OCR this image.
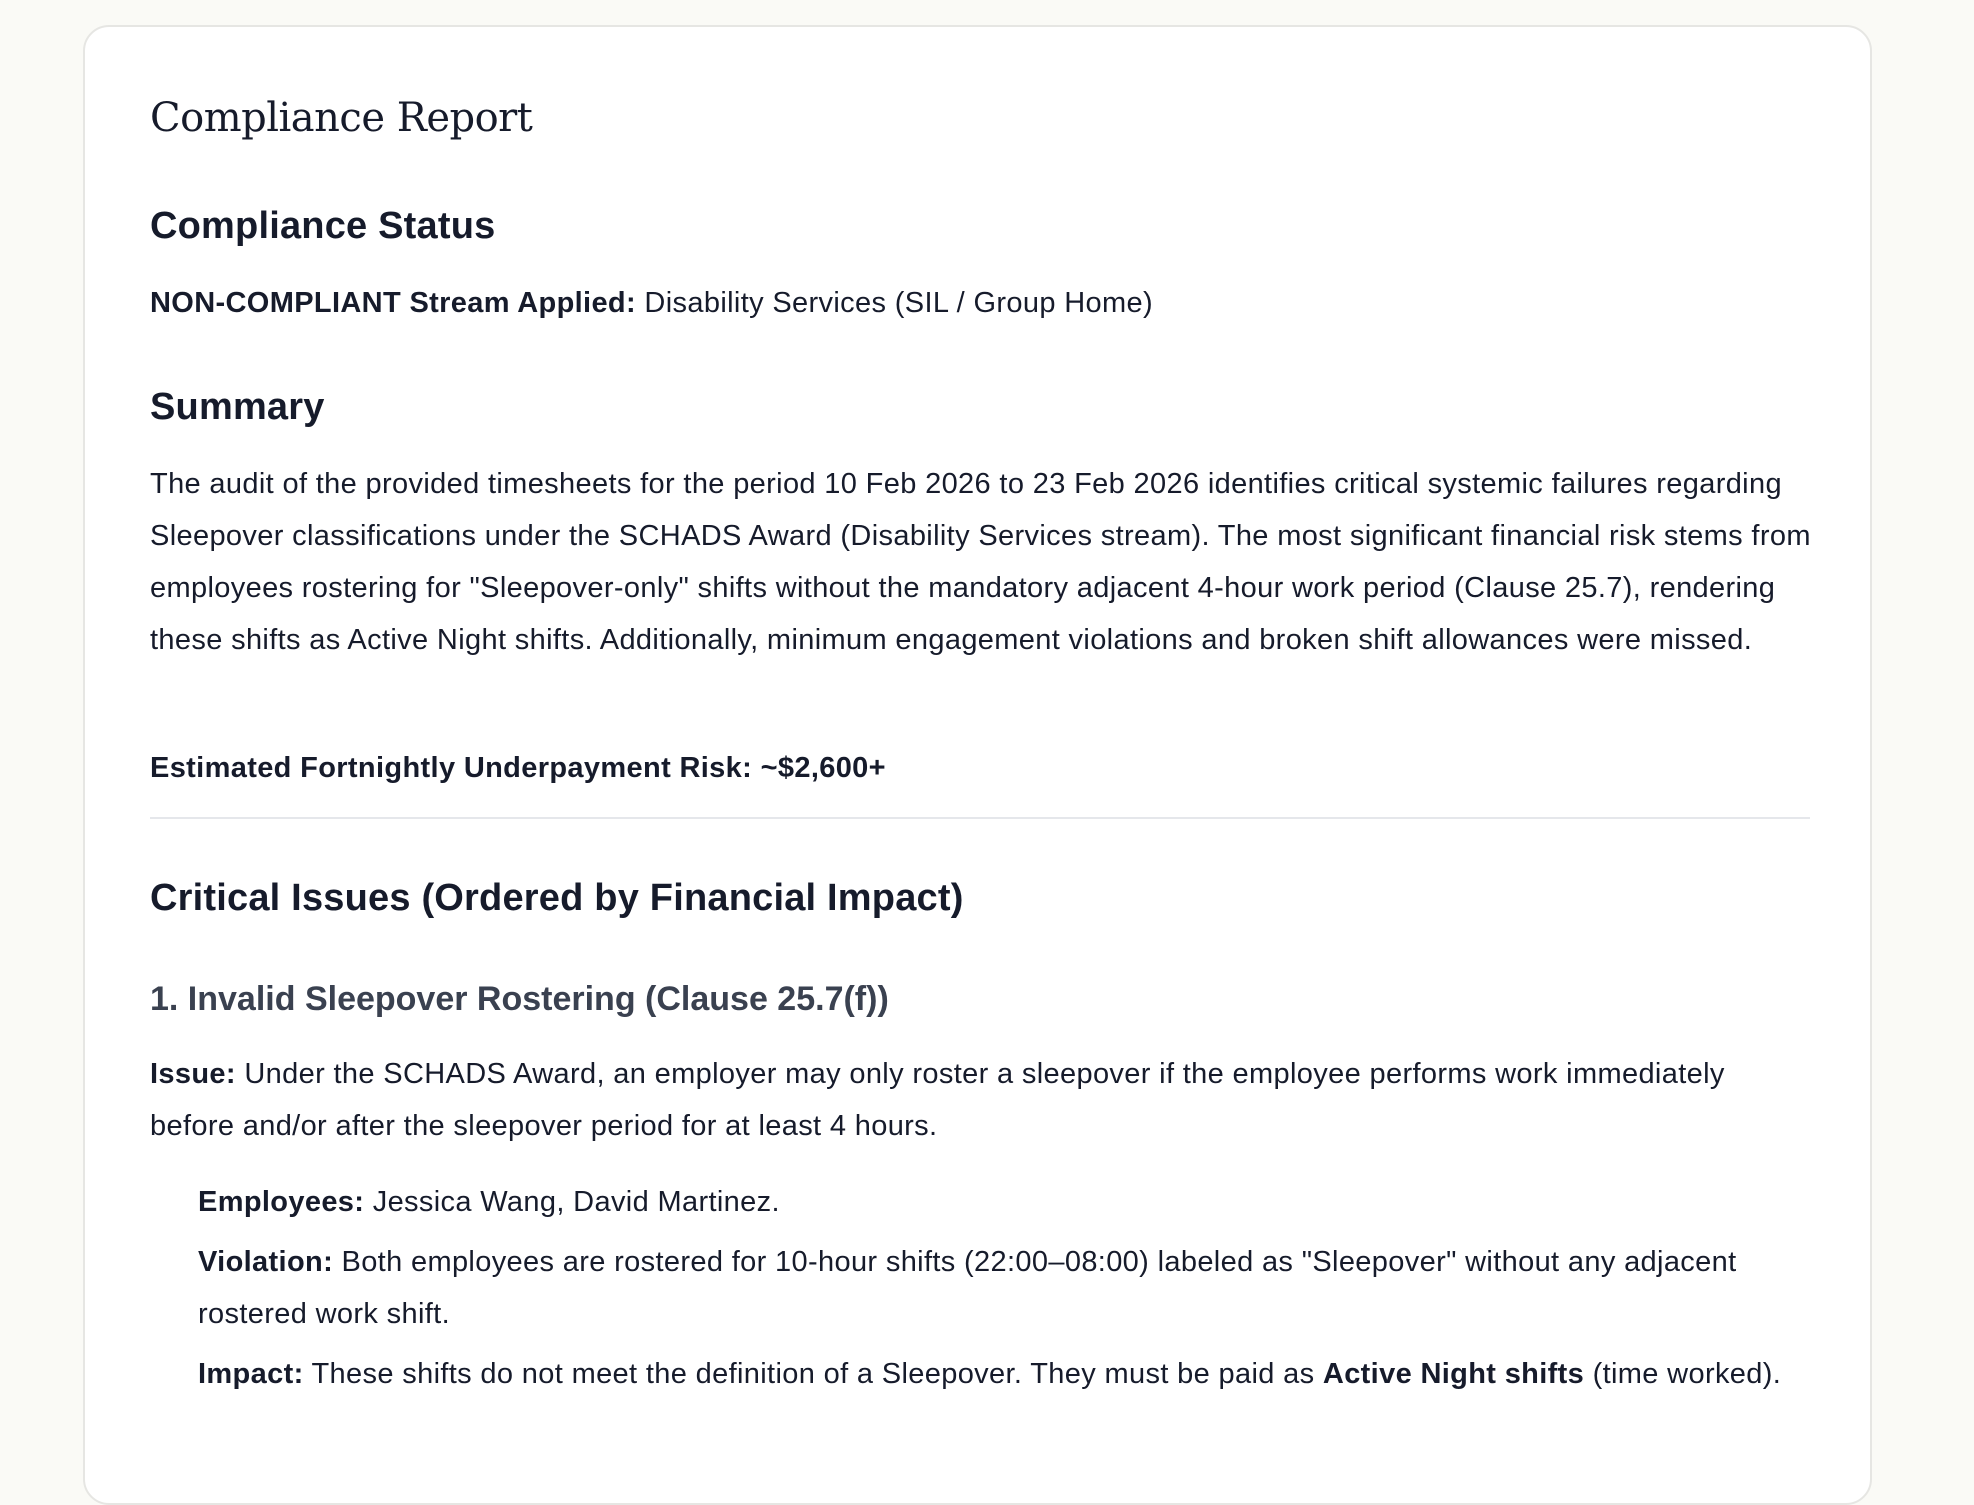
Compliance Report
Compliance Status
NON-COMPLIANT Stream Applied: Disability Services (SIL / Group Home)
Summary
The audit of the provided timesheets for the period 10 Feb 2026 to 23 Feb 2026 identifies critical systemic failures regarding Sleepover classifications under the SCHADS Award (Disability Services stream). The most significant financial risk stems from employees rostering for "Sleepover-only" shifts without the mandatory adjacent 4-hour work period (Clause 25.7), rendering these shifts as Active Night shifts. Additionally, minimum engagement violations and broken shift allowances were missed.
Estimated Fortnightly Underpayment Risk: ~$2,600+
Critical Issues (Ordered by Financial Impact)
1. Invalid Sleepover Rostering (Clause 25.7(f))
Issue: Under the SCHADS Award, an employer may only roster a sleepover if the employee performs work immediately before and/or after the sleepover period for at least 4 hours.
Employees: Jessica Wang, David Martinez.
Violation: Both employees are rostered for 10-hour shifts (22:00–08:00) labeled as "Sleepover" without any adjacent rostered work shift.
Impact: These shifts do not meet the definition of a Sleepover. They must be paid as Active Night shifts (time worked).
